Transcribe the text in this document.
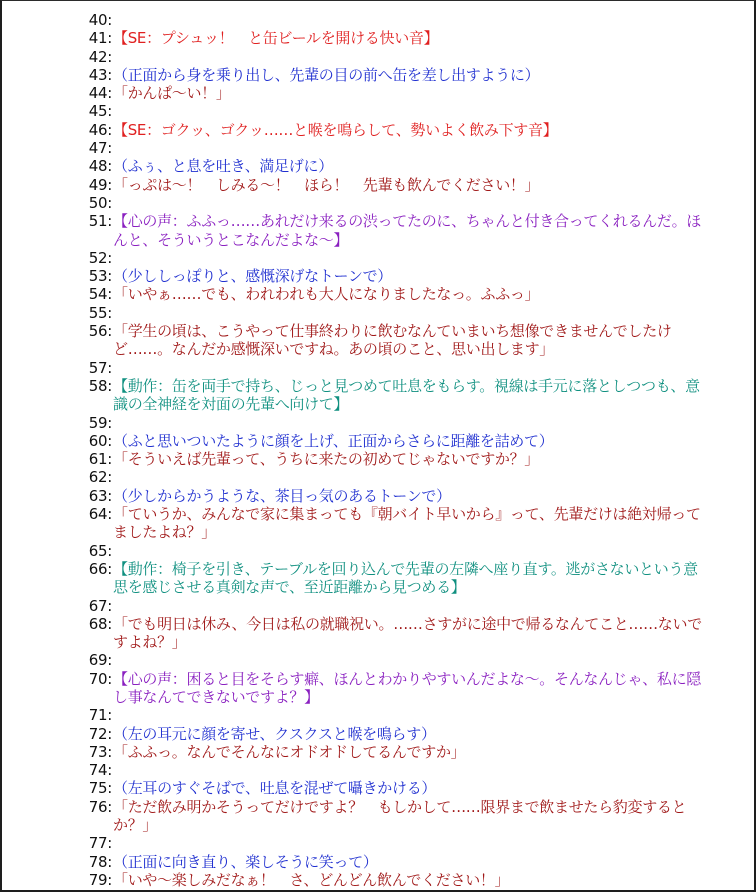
40:
41: 【SE：プシュッ！　と缶ビールを開ける快い音】
42:
43: （正面から身を乗り出し、先輩の目の前へ缶を差し出すように）
44: 「かんぱ～い！」
45:
46: 【SE：ゴクッ、ゴクッ……と喉を鳴らして、勢いよく飲み下す音】
47:
48: （ふぅ、と息を吐き、満足げに）
49: 「っぷは～！　しみる～！　ほら！　先輩も飲んでください！」
50:
51: 【心の声：ふふっ……あれだけ来るの渋ってたのに、ちゃんと付き合ってくれるんだ。ほんと、そういうとこなんだよな～】
52:
53: （少ししっぽりと、感慨深げなトーンで）
54: 「いやぁ……でも、われわれも大人になりましたなっ。ふふっ」
55:
56: 「学生の頃は、こうやって仕事終わりに飲むなんていまいち想像できませんでしたけど……。なんだか感慨深いですね。あの頃のこと、思い出します」
57:
58: 【動作：缶を両手で持ち、じっと見つめて吐息をもらす。視線は手元に落としつつも、意識の全神経を対面の先輩へ向けて】
59:
60: （ふと思いついたように顔を上げ、正面からさらに距離を詰めて）
61: 「そういえば先輩って、うちに来たの初めてじゃないですか？」
62:
63: （少しからかうような、茶目っ気のあるトーンで）
64: 「ていうか、みんなで家に集まっても『朝バイト早いから』って、先輩だけは絶対帰ってましたよね？」
65:
66: 【動作：椅子を引き、テーブルを回り込んで先輩の左隣へ座り直す。逃がさないという意思を感じさせる真剣な声で、至近距離から見つめる】
67:
68: 「でも明日は休み、今日は私の就職祝い。……さすがに途中で帰るなんてこと……ないですよね？」
69:
70: 【心の声：困ると目をそらす癖、ほんとわかりやすいんだよな～。そんなんじゃ、私に隠し事なんてできないですよ？】
71:
72: （左の耳元に顔を寄せ、クスクスと喉を鳴らす）
73: 「ふふっ。なんでそんなにオドオドしてるんですか」
74:
75: （左耳のすぐそばで、吐息を混ぜて囁きかける）
76: 「ただ飲み明かそうってだけですよ？　もしかして……限界まで飲ませたら豹変するとか？」
77:
78: （正面に向き直り、楽しそうに笑って）
79: 「いや～楽しみだなぁ！　さ、どんどん飲んでください！」
